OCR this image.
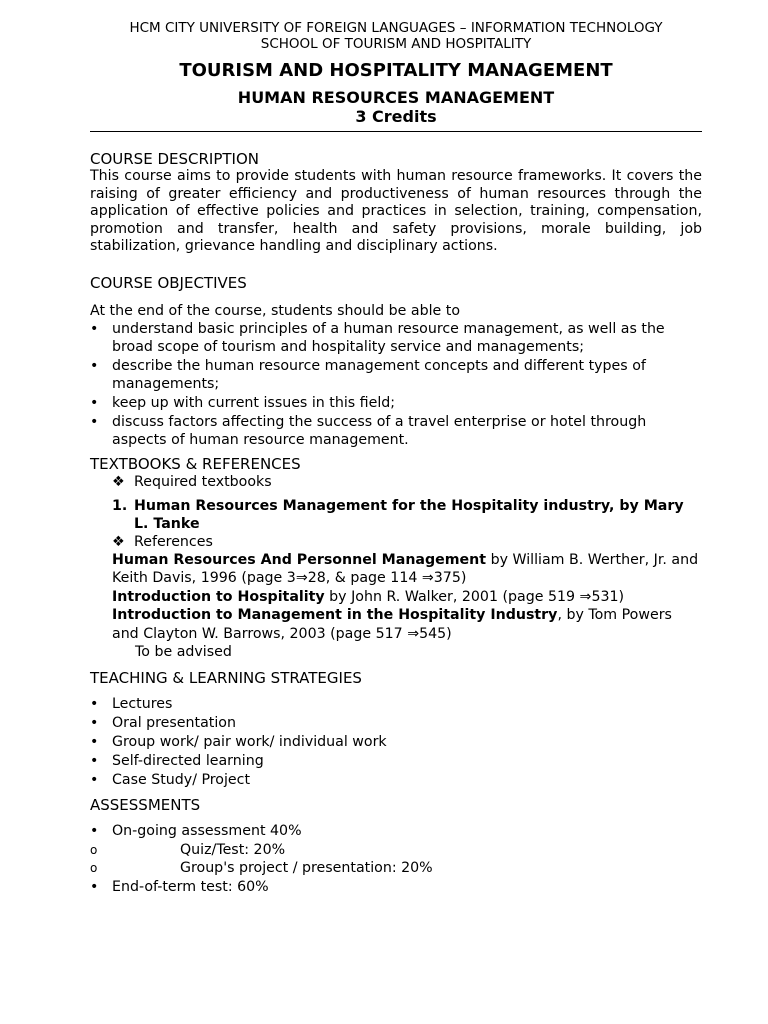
HCM CITY UNIVERSITY OF FOREIGN LANGUAGES – INFORMATION TECHNOLOGY
SCHOOL OF TOURISM AND HOSPITALITY
TOURISM AND HOSPITALITY MANAGEMENT
HUMAN RESOURCES MANAGEMENT
3 Credits
COURSE DESCRIPTION

This course aims to provide students with human resource frameworks. It covers the raising of greater efficiency and productiveness of human resources through the application of effective policies and practices in selection, training, compensation, promotion and transfer, health and safety provisions, morale building, job stabilization, grievance handling and disciplinary actions.

COURSE OBJECTIVES
At the end of the course, students should be able to
• understand basic principles of a human resource management, as well as the broad scope of tourism and hospitality service and managements;
• describe the human resource management concepts and different types of managements;
• keep up with current issues in this field;
• discuss factors affecting the success of a travel enterprise or hotel through aspects of human resource management.
TEXTBOOKS & REFERENCES
❖ Required textbooks
1. Human Resources Management for the Hospitality industry, by Mary L. Tanke
❖ References
Human Resources And Personnel Management by William B. Werther, Jr. and Keith Davis, 1996 (page 3⇒28, & page 114 ⇒375)
Introduction to Hospitality by John R. Walker, 2001 (page 519 ⇒531)
Introduction to Management in the Hospitality Industry, by Tom Powers and Clayton W. Barrows, 2003 (page 517 ⇒545)
To be advised
TEACHING & LEARNING STRATEGIES
• Lectures
• Oral presentation
• Group work/ pair work/ individual work
• Self-directed learning
• Case Study/ Project
ASSESSMENTS
• On-going assessment 40%
o	Quiz/Test: 20%
o	Group's project / presentation: 20%
• End-of-term test: 60%
